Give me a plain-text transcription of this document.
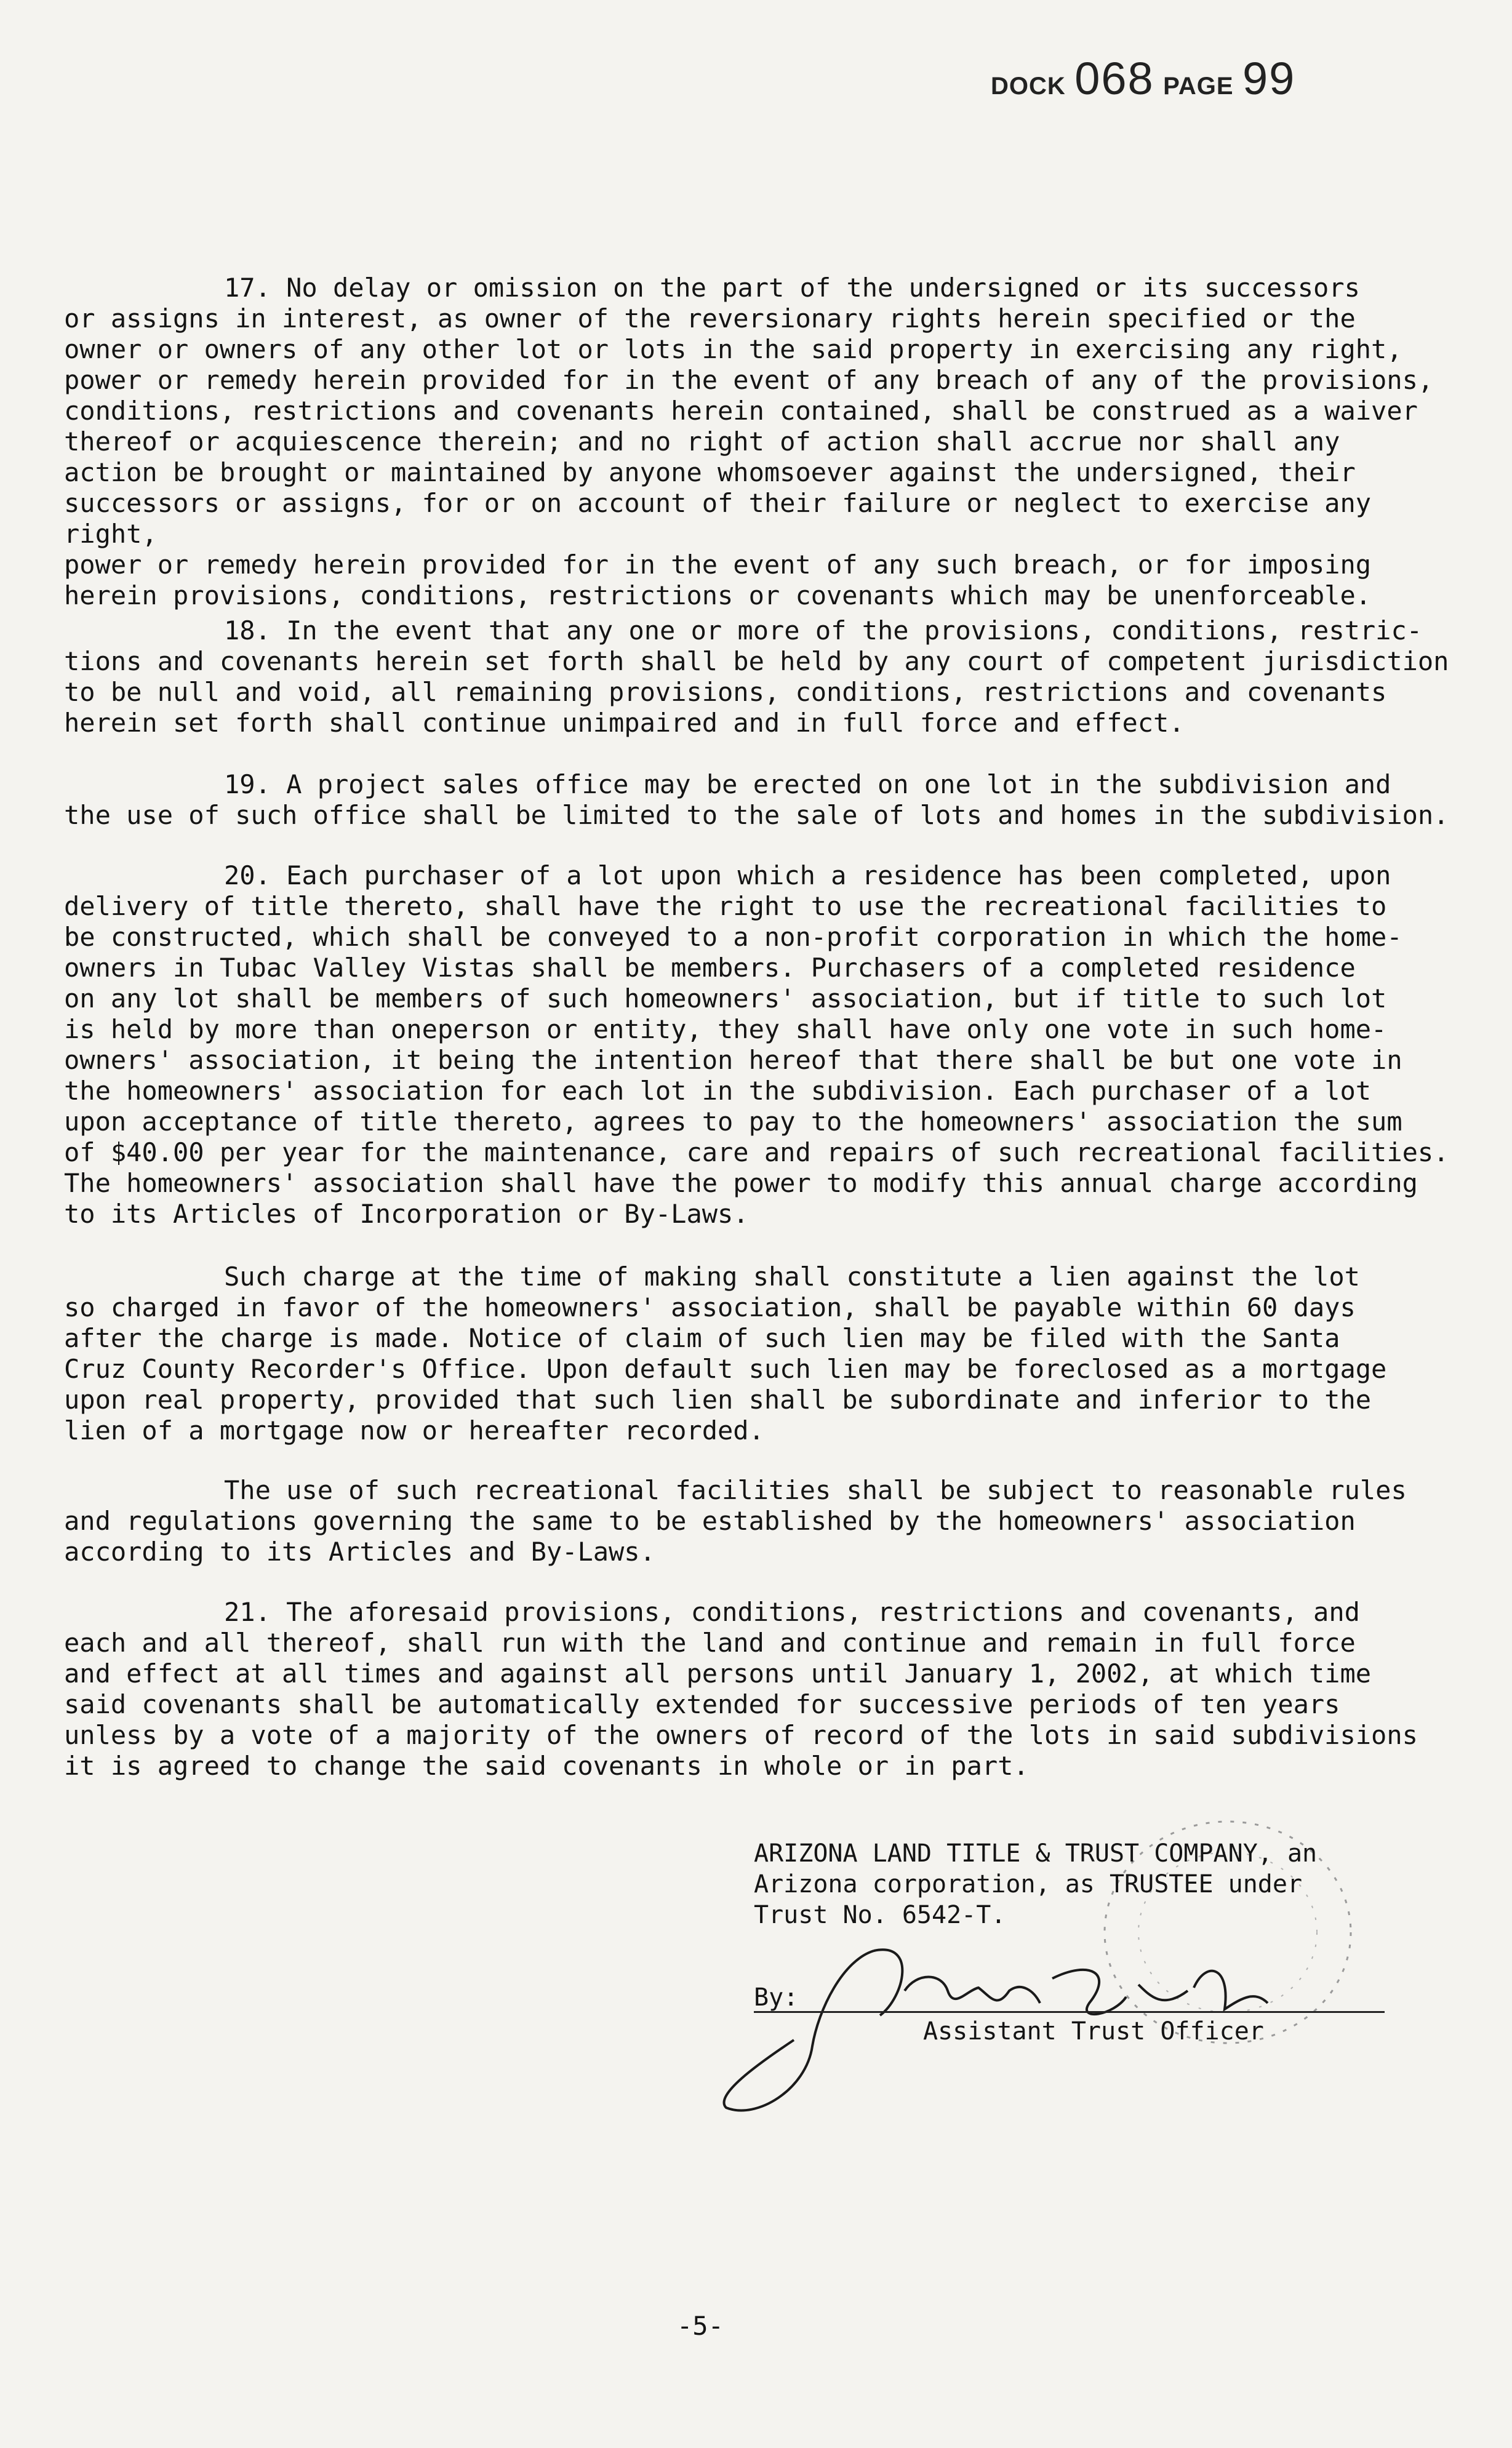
DOCK 068 PAGE 99

17. No delay or omission on the part of the undersigned or its successors
or assigns in interest, as owner of the reversionary rights herein specified or the
owner or owners of any other lot or lots in the said property in exercising any right,
power or remedy herein provided for in the event of any breach of any of the provisions,
conditions, restrictions and covenants herein contained, shall be construed as a waiver
thereof or acquiescence therein; and no right of action shall accrue nor shall any
action be brought or maintained by anyone whomsoever against the undersigned, their
successors or assigns, for or on account of their failure or neglect to exercise any right,
power or remedy herein provided for in the event of any such breach, or for imposing
herein provisions, conditions, restrictions or covenants which may be unenforceable.

18. In the event that any one or more of the provisions, conditions, restric-
tions and covenants herein set forth shall be held by any court of competent jurisdiction
to be null and void, all remaining provisions, conditions, restrictions and covenants
herein set forth shall continue unimpaired and in full force and effect.

19. A project sales office may be erected on one lot in the subdivision and
the use of such office shall be limited to the sale of lots and homes in the subdivision.

20. Each purchaser of a lot upon which a residence has been completed, upon
delivery of title thereto, shall have the right to use the recreational facilities to
be constructed, which shall be conveyed to a non-profit corporation in which the home-
owners in Tubac Valley Vistas shall be members. Purchasers of a completed residence
on any lot shall be members of such homeowners' association, but if title to such lot
is held by more than oneperson or entity, they shall have only one vote in such home-
owners' association, it being the intention hereof that there shall be but one vote in
the homeowners' association for each lot in the subdivision. Each purchaser of a lot
upon acceptance of title thereto, agrees to pay to the homeowners' association the sum
of $40.00 per year for the maintenance, care and repairs of such recreational facilities.
The homeowners' association shall have the power to modify this annual charge according
to its Articles of Incorporation or By-Laws.

Such charge at the time of making shall constitute a lien against the lot
so charged in favor of the homeowners' association, shall be payable within 60 days
after the charge is made. Notice of claim of such lien may be filed with the Santa
Cruz County Recorder's Office. Upon default such lien may be foreclosed as a mortgage
upon real property, provided that such lien shall be subordinate and inferior to the
lien of a mortgage now or hereafter recorded.

The use of such recreational facilities shall be subject to reasonable rules
and regulations governing the same to be established by the homeowners' association
according to its Articles and By-Laws.

21. The aforesaid provisions, conditions, restrictions and covenants, and
each and all thereof, shall run with the land and continue and remain in full force
and effect at all times and against all persons until January 1, 2002, at which time
said covenants shall be automatically extended for successive periods of ten years
unless by a vote of a majority of the owners of record of the lots in said subdivisions
it is agreed to change the said covenants in whole or in part.

ARIZONA LAND TITLE & TRUST COMPANY, an
Arizona corporation, as TRUSTEE under
Trust No. 6542-T.
By:
Assistant Trust Officer
-5-
